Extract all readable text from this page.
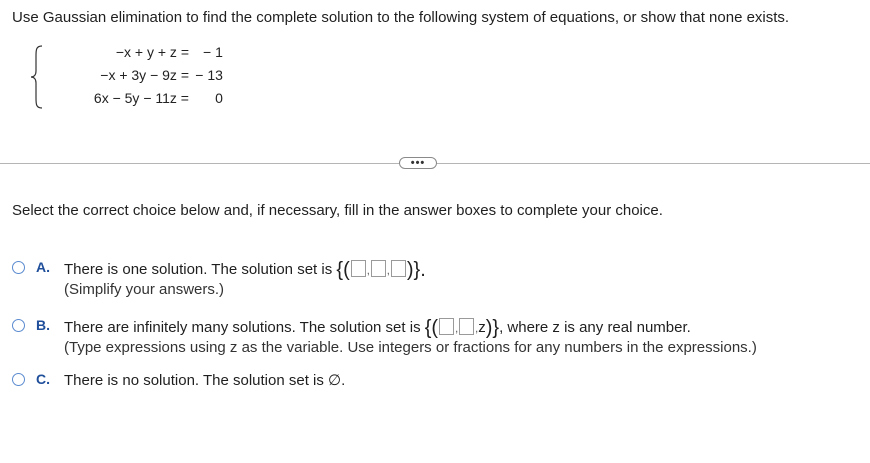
Use Gaussian elimination to find the complete solution to the following system of equations, or show that none exists.
−x + y + z = − 1
−x + 3y − 9z = − 13
6x − 5y − 11z = 0
•••
Select the correct choice below and, if necessary, fill in the answer boxes to complete your choice.
A. There is one solution. The solution set is {( , , )}.
(Simplify your answers.)
B. There are infinitely many solutions. The solution set is {( , ,z)}, where z is any real number.
(Type expressions using z as the variable. Use integers or fractions for any numbers in the expressions.)
C. There is no solution. The solution set is ∅.
